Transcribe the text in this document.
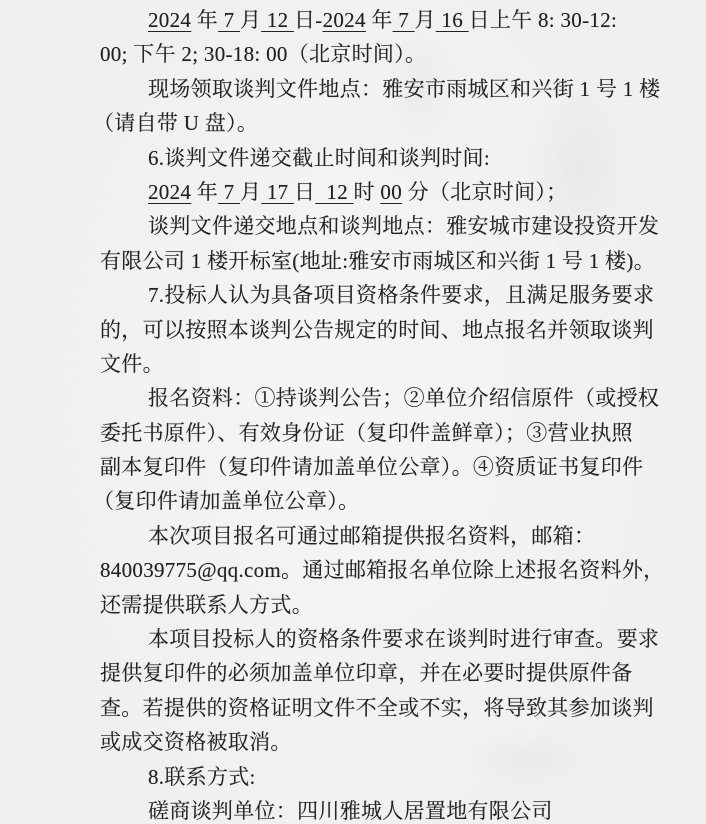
2024 年 7 月 12 日-2024 年 7 月 16 日上午 8: 30-12:
00; 下午 2; 30-18: 00（北京时间）。
现场领取谈判文件地点：雅安市雨城区和兴街 1 号 1 楼
（请自带 U 盘）。
6.谈判文件递交截止时间和谈判时间:
2024 年 7 月 17 日  12 时 00 分（北京时间）；
谈判文件递交地点和谈判地点：雅安城市建设投资开发
有限公司 1 楼开标室(地址:雅安市雨城区和兴街 1 号 1 楼)。
7.投标人认为具备项目资格条件要求，且满足服务要求
的，可以按照本谈判公告规定的时间、地点报名并领取谈判
文件。
报名资料：①持谈判公告；②单位介绍信原件（或授权
委托书原件）、有效身份证（复印件盖鲜章）；③营业执照
副本复印件（复印件请加盖单位公章）。④资质证书复印件
（复印件请加盖单位公章）。
本次项目报名可通过邮箱提供报名资料，邮箱：
840039775@qq.com。通过邮箱报名单位除上述报名资料外，
还需提供联系人方式。
本项目投标人的资格条件要求在谈判时进行审查。要求
提供复印件的必须加盖单位印章，并在必要时提供原件备
查。若提供的资格证明文件不全或不实，将导致其参加谈判
或成交资格被取消。
8.联系方式:
磋商谈判单位：四川雅城人居置地有限公司
